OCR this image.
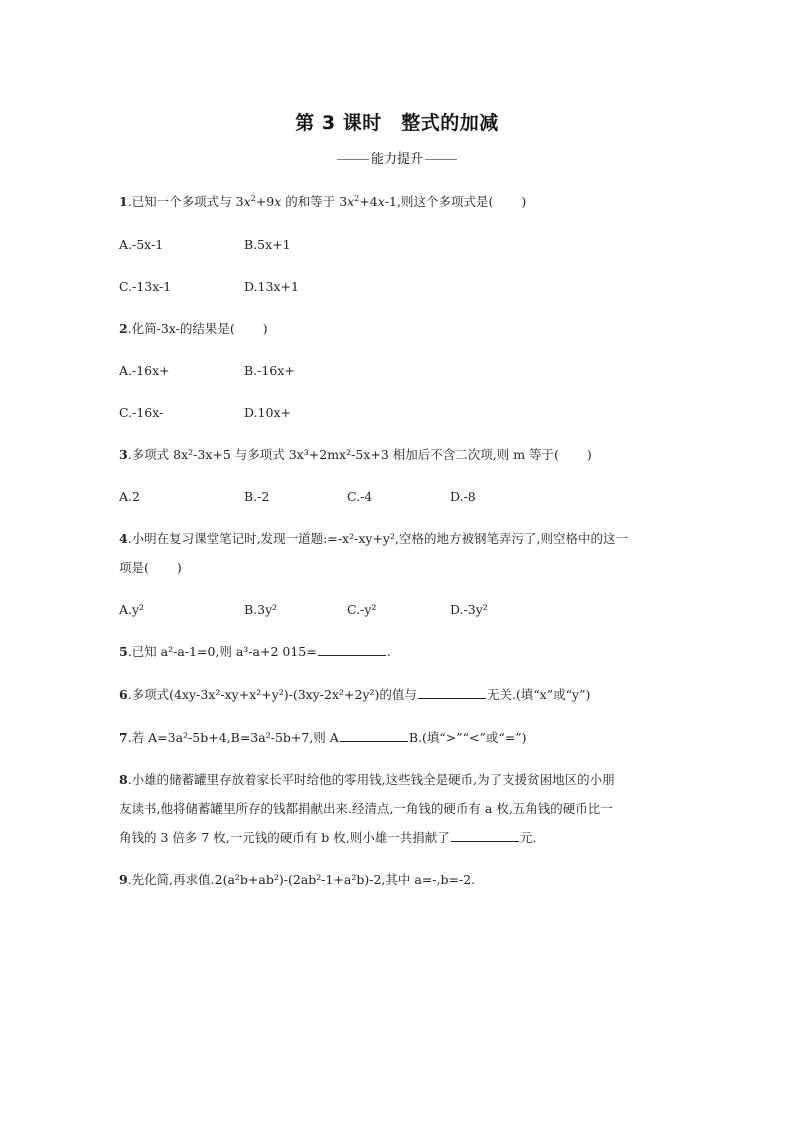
第 3 课时　整式的加减
能力提升
1.已知一个多项式与 $3x^2+9x$ 的和等于 $3x^2+4x-1$,则这个多项式是( )
A.-5x-1	B.5x+1
C.-13x-1	D.13x+1
2.化简-3x-的结果是( )
A.-16x+	B.-16x+
C.-16x-	D.10x+
3.多项式 8x²-3x+5 与多项式 3x³+2mx²-5x+3 相加后不含二次项,则 m 等于( )
A.2	B.-2	C.-4	D.-8
4.小明在复习课堂笔记时,发现一道题:=-x²-xy+y²,空格的地方被钢笔弄污了,则空格中的这一
项是( )
A.y²	B.3y²	C.-y²	D.-3y²
5.已知 a²-a-1=0,则 a³-a+2 015=	.
6.多项式(4xy-3x²-xy+x²+y²)-(3xy-2x²+2y²)的值与	无关.(填“x”或“y”)
7.若 A=3a²-5b+4,B=3a²-5b+7,则 A	B.(填“>”“<”或“=”)
8.小雄的储蓄罐里存放着家长平时给他的零用钱,这些钱全是硬币,为了支援贫困地区的小朋
友读书,他将储蓄罐里所存的钱都捐献出来.经清点,一角钱的硬币有 a 枚,五角钱的硬币比一
角钱的 3 倍多 7 枚,一元钱的硬币有 b 枚,则小雄一共捐献了	元.
9.先化简,再求值.2(a²b+ab²)-(2ab²-1+a²b)-2,其中 a=-,b=-2.
